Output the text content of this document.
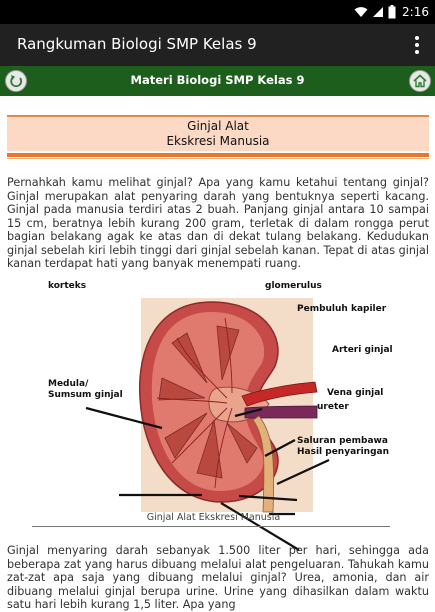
2:16
Rangkuman Biologi SMP Kelas 9
Materi Biologi SMP Kelas 9
Ginjal Alat
Ekskresi Manusia
Pernahkah kamu melihat ginjal? Apa yang kamu ketahui tentang ginjal? Ginjal merupakan alat penyaring darah yang bentuknya seperti kacang. Ginjal pada manusia terdiri atas 2 buah. Panjang ginjal antara 10 sampai 15 cm, beratnya lebih kurang 200 gram, terletak di dalam rongga perut bagian belakang agak ke atas dan di dekat tulang belakang. Kedudukan ginjal sebelah kiri lebih tinggi dari ginjal sebelah kanan. Tepat di atas ginjal kanan terdapat hati yang banyak menempati ruang.
korteks	glomerulus
Pembuluh kapiler
Arteri ginjal
Medula/
Sumsum ginjal	Vena ginjal
ureter
Saluran pembawa
Hasil penyaringan
Ginjal Alat Ekskresi Manusia
Ginjal menyaring darah sebanyak 1.500 liter per hari, sehingga ada beberapa zat yang harus dibuang melalui alat pengeluaran. Tahukah kamu zat-zat apa saja yang dibuang melalui ginjal? Urea, amonia, dan air dibuang melalui ginjal berupa urine. Urine yang dihasilkan dalam waktu satu hari lebih kurang 1,5 liter. Apa yang
